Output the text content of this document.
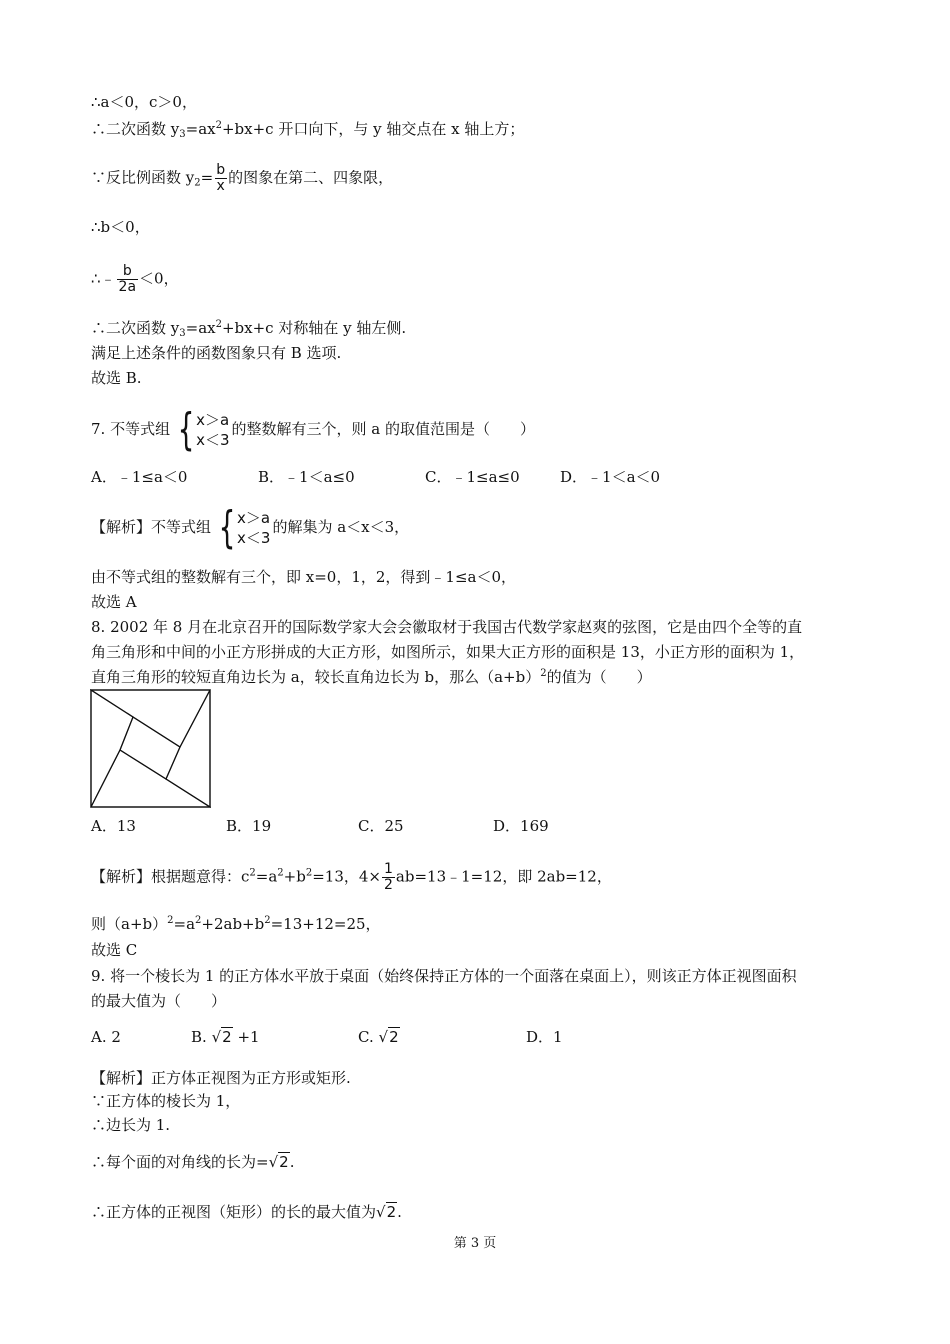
∴a＜0，c＞0，
∴二次函数 $y_3=ax^2+bx+c$ 开口向下，与 y 轴交点在 x 轴上方；
∵反比例函数 $y_2= \frac{b}{x}$ 的图象在第二、四象限，
∴b＜0，
∴﹣ $\frac{b}{2a} <0$，
∴二次函数 $y_3=ax^2+bx+c$ 对称轴在 y 轴左侧.
满足上述条件的函数图象只有 B 选项.
故选 B.
7. 不等式组 { x＞a
x＜3
的整数解有三个，则 a 的取值范围是（　　）
A．﹣1≤a＜0	B．﹣1＜a≤0	C．﹣1≤a≤0	D．﹣1＜a＜0
【解析】不等式组 { x＞a
x＜3
的解集为 a＜x＜3，
由不等式组的整数解有三个，即 x=0，1，2，得到﹣1≤a＜0，
故选 A
8. 2002 年 8 月在北京召开的国际数学家大会会徽取材于我国古代数学家赵爽的弦图，它是由四个全等的直
角三角形和中间的小正方形拼成的大正方形，如图所示，如果大正方形的面积是 13，小正方形的面积为 1，
直角三角形的较短直角边长为 a，较长直角边长为 b，那么$(a+b)^2$的值为（　　）
A．13	B．19	C．25	D．169
【解析】根据题意得：$c^2=a^2+b^2=13$，$4\times \frac{1}{2}$ ab=13﹣1=12，即 2ab=12，
则$(a+b)^2=a^2+2ab+b^2=13+12=25$，
故选 C
9. 将一个棱长为 1 的正方体水平放于桌面（始终保持正方体的一个面落在桌面上），则该正方体正视图面积
的最大值为（　　）
A. 2	B. √2 +1	C. √2	D．1
【解析】正方体正视图为正方形或矩形.
∵正方体的棱长为 1，
∴边长为 1.
∴每个面的对角线的长为=√2.
∴正方体的正视图（矩形）的长的最大值为√2.
第 3 页
